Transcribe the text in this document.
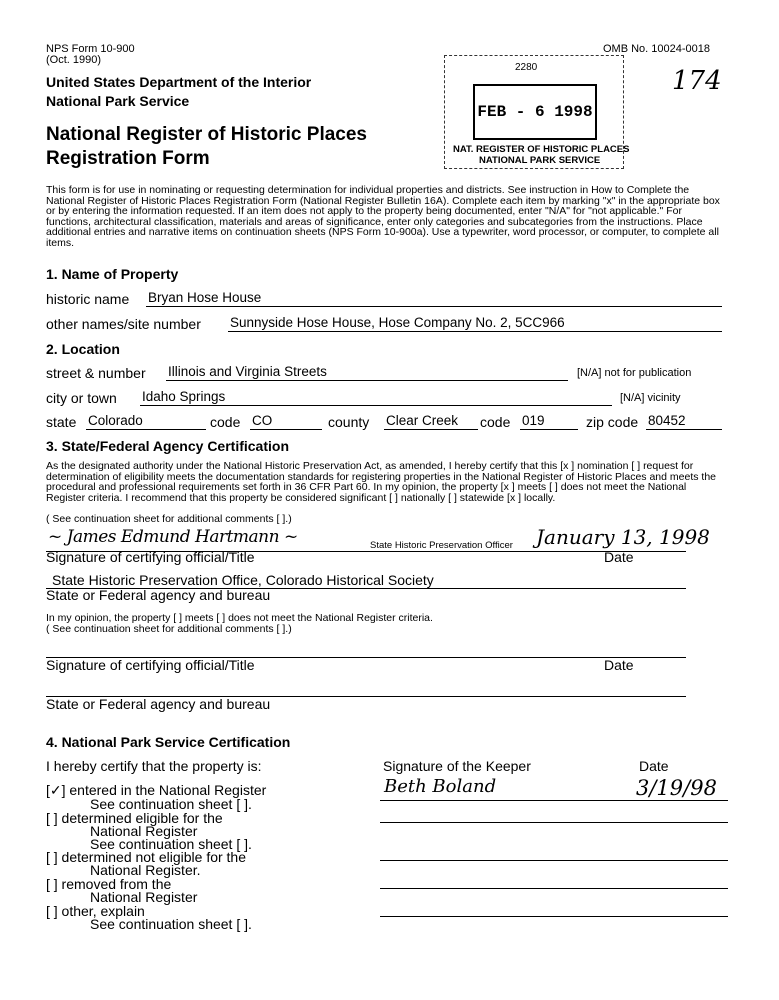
NPS Form 10-900
(Oct. 1990)
OMB No. 10024-0018
United States Department of the Interior
National Park Service
National Register of Historic Places
Registration Form
174
2280
FEB - 6 1998
NAT. REGISTER OF HISTORIC PLACES
NATIONAL PARK SERVICE
This form is for use in nominating or requesting determination for individual properties and districts. See instruction in How to Complete the National Register of Historic Places Registration Form (National Register Bulletin 16A). Complete each item by marking "x" in the appropriate box or by entering the information requested. If an item does not apply to the property being documented, enter "N/A" for "not applicable." For functions, architectural classification, materials and areas of significance, enter only categories and subcategories from the instructions. Place additional entries and narrative items on continuation sheets (NPS Form 10-900a). Use a typewriter, word processor, or computer, to complete all items.
1. Name of Property
historic name Bryan Hose House
other names/site number Sunnyside Hose House, Hose Company No. 2, 5CC966
2. Location
street & number Illinois and Virginia Streets	[N/A] not for publication
city or town Idaho Springs	[N/A] vicinity
state Colorado	code CO	county Clear Creek	code 019	zip code 80452
3. State/Federal Agency Certification
As the designated authority under the National Historic Preservation Act, as amended, I hereby certify that this [x ] nomination [ ] request for determination of eligibility meets the documentation standards for registering properties in the National Register of Historic Places and meets the procedural and professional requirements set forth in 36 CFR Part 60. In my opinion, the property [x ] meets [ ] does not meet the National Register criteria. I recommend that this property be considered significant [ ] nationally [ ] statewide [x ] locally.
( See continuation sheet for additional comments [ ].)
~ James Edmund Hartmann ~	State Historic Preservation Officer January 13, 1998
Signature of certifying official/Title	Date
State Historic Preservation Office, Colorado Historical Society
State or Federal agency and bureau
In my opinion, the property [ ] meets [ ] does not meet the National Register criteria.
( See continuation sheet for additional comments [ ].)
Signature of certifying official/Title	Date
State or Federal agency and bureau
4. National Park Service Certification
I hereby certify that the property is:	Signature of the Keeper	Date
Beth Boland	3/19/98
[✓] entered in the National Register
See continuation sheet [ ].
[ ] determined eligible for the
National Register
See continuation sheet [ ].
[ ] determined not eligible for the
National Register.
[ ] removed from the
National Register
[ ] other, explain
See continuation sheet [ ].
